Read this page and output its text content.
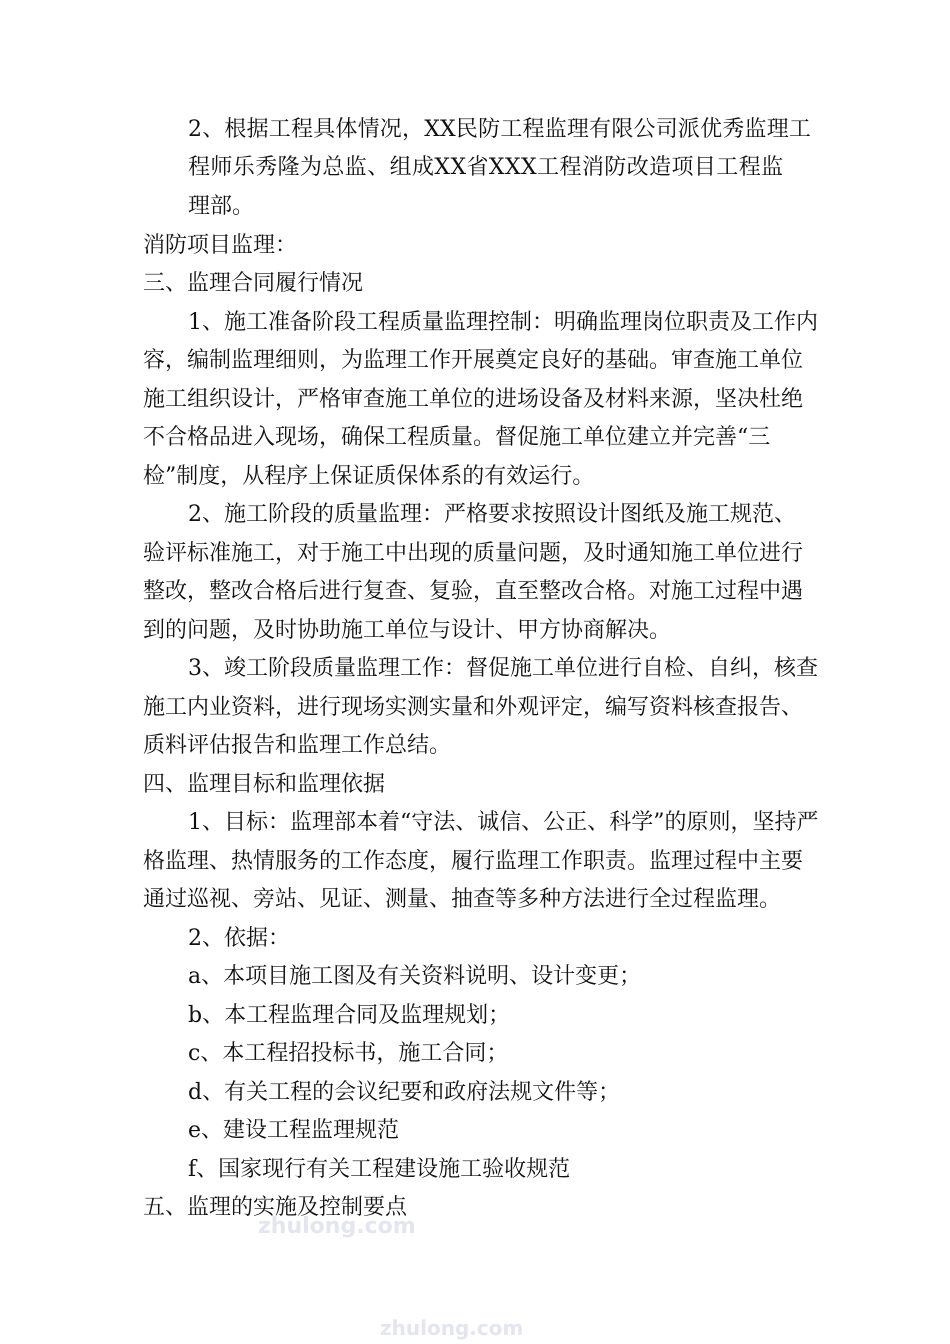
2、根据工程具体情况，XX民防工程监理有限公司派优秀监理工
程师乐秀隆为总监、组成XX省XXX工程消防改造项目工程监
理部。
消防项目监理：
三、监理合同履行情况
1、施工准备阶段工程质量监理控制：明确监理岗位职责及工作内
容，编制监理细则，为监理工作开展奠定良好的基础。审查施工单位
施工组织设计，严格审查施工单位的进场设备及材料来源，坚决杜绝
不合格品进入现场，确保工程质量。督促施工单位建立并完善“三
检”制度，从程序上保证质保体系的有效运行。
2、施工阶段的质量监理：严格要求按照设计图纸及施工规范、
验评标准施工，对于施工中出现的质量问题，及时通知施工单位进行
整改，整改合格后进行复查、复验，直至整改合格。对施工过程中遇
到的问题，及时协助施工单位与设计、甲方协商解决。
3、竣工阶段质量监理工作：督促施工单位进行自检、自纠，核查
施工内业资料，进行现场实测实量和外观评定，编写资料核查报告、
质料评估报告和监理工作总结。
四、监理目标和监理依据
1、目标：监理部本着“守法、诚信、公正、科学”的原则，坚持严
格监理、热情服务的工作态度，履行监理工作职责。监理过程中主要
通过巡视、旁站、见证、测量、抽查等多种方法进行全过程监理。
2、依据：
a、本项目施工图及有关资料说明、设计变更；
b、本工程监理合同及监理规划；
c、本工程招投标书，施工合同；
d、有关工程的会议纪要和政府法规文件等；
e、建设工程监理规范
f、国家现行有关工程建设施工验收规范
五、监理的实施及控制要点
zhulong.com
zhulong.com
